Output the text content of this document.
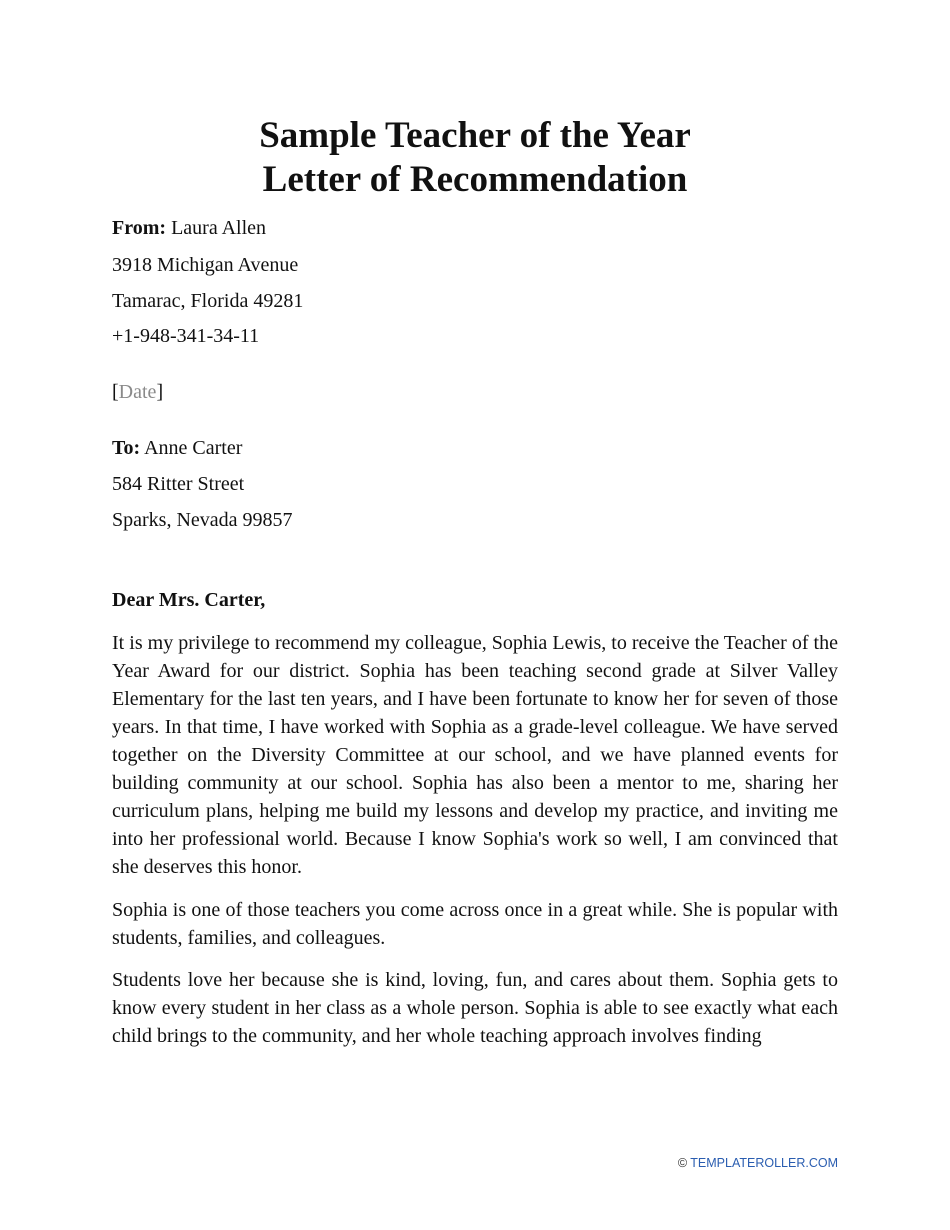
Sample Teacher of the Year
Letter of Recommendation

From: Laura Allen

3918 Michigan Avenue

Tamarac, Florida 49281

+1-948-341-34-11

[Date]

To: Anne Carter

584 Ritter Street

Sparks, Nevada 99857

Dear Mrs. Carter,

It is my privilege to recommend my colleague, Sophia Lewis, to receive the Teacher of the Year Award for our district. Sophia has been teaching second grade at Silver Valley Elementary for the last ten years, and I have been fortunate to know her for seven of those years. In that time, I have worked with Sophia as a grade-level colleague. We have served together on the Diversity Committee at our school, and we have planned events for building community at our school. Sophia has also been a mentor to me, sharing her curriculum plans, helping me build my lessons and develop my practice, and inviting me into her professional world. Because I know Sophia's work so well, I am convinced that she deserves this honor.

Sophia is one of those teachers you come across once in a great while. She is popular with students, families, and colleagues.

Students love her because she is kind, loving, fun, and cares about them. Sophia gets to know every student in her class as a whole person. Sophia is able to see exactly what each child brings to the community, and her whole teaching approach involves finding

© TEMPLATEROLLER.COM
